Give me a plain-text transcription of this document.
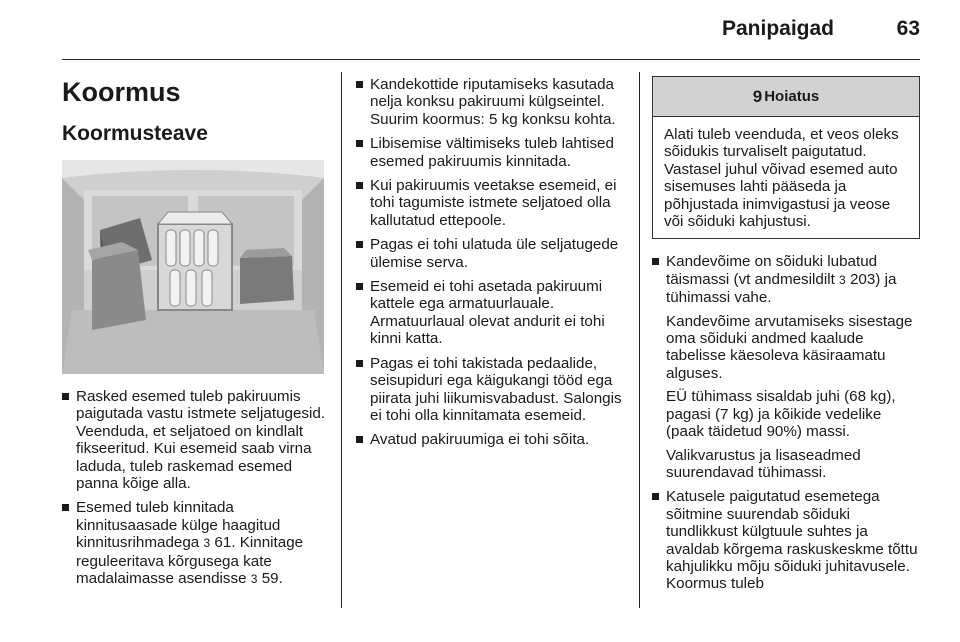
Panipaigad	63
Koormus
Koormusteave
Rasked esemed tuleb pakiruumis paigutada vastu istmete seljatugesid. Veenduda, et seljatoed on kindlalt fikseeritud. Kui esemeid saab virna laduda, tuleb raskemad esemed panna kõige alla.
Esemed tuleb kinnitada kinnitusaasade külge haagitud kinnitusrihmadega 3 61. Kinnitage reguleeritava kõrgusega kate madalaimasse asendisse 3 59.
Kandekottide riputamiseks kasutada nelja konksu pakiruumi külgseintel. Suurim koormus: 5 kg konksu kohta.
Libisemise vältimiseks tuleb lahtised esemed pakiruumis kinnitada.
Kui pakiruumis veetakse esemeid, ei tohi tagumiste istmete seljatoed olla kallutatud ettepoole.
Pagas ei tohi ulatuda üle seljatugede ülemise serva.
Esemeid ei tohi asetada pakiruumi kattele ega armatuurlauale. Armatuurlaual olevat andurit ei tohi kinni katta.
Pagas ei tohi takistada pedaalide, seisupiduri ega käigukangi tööd ega piirata juhi liikumisvabadust. Salongis ei tohi olla kinnitamata esemeid.
Avatud pakiruumiga ei tohi sõita.
9 Hoiatus
Alati tuleb veenduda, et veos oleks sõidukis turvaliselt paigutatud. Vastasel juhul võivad esemed auto sisemuses lahti pääseda ja põhjustada inimvigastusi ja veose või sõiduki kahjustusi.
Kandevõime on sõiduki lubatud täismassi (vt andmesildilt 3 203) ja tühimassi vahe.

Kandevõime arvutamiseks sisestage oma sõiduki andmed kaalude tabelisse käesoleva käsiraamatu alguses.

EÜ tühimass sisaldab juhi (68 kg), pagasi (7 kg) ja kõikide vedelike (paak täidetud 90%) massi.

Valikvarustus ja lisaseadmed suurendavad tühimassi.

Katusele paigutatud esemetega sõitmine suurendab sõiduki tundlikkust külgtuule suhtes ja avaldab kõrgema raskuskeskme tõttu kahjulikku mõju sõiduki juhitavusele. Koormus tuleb
